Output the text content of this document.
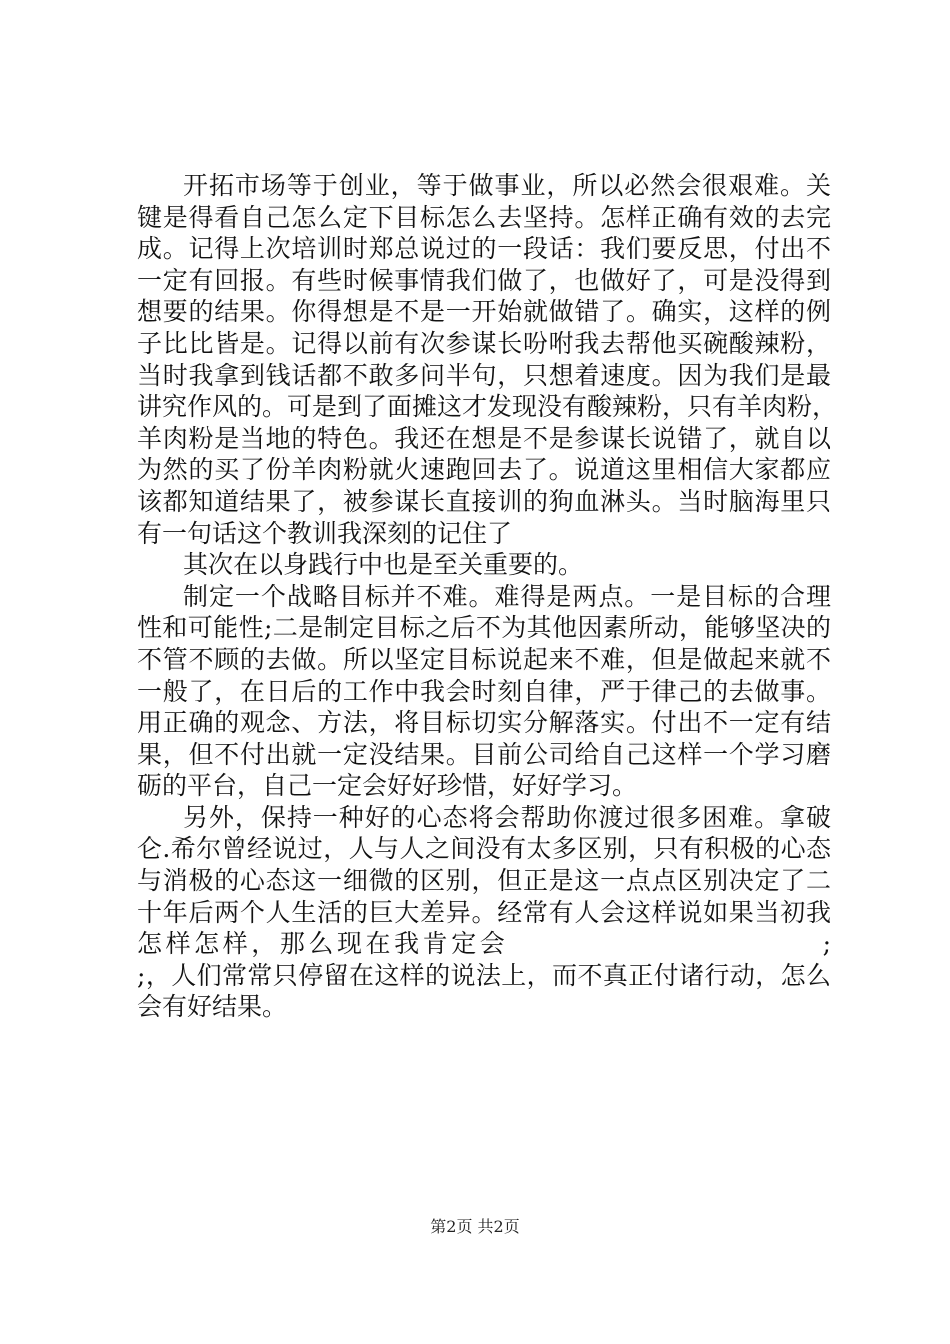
开拓市场等于创业，等于做事业，所以必然会很艰难。关
键是得看自己怎么定下目标怎么去坚持。怎样正确有效的去完
成。记得上次培训时郑总说过的一段话：我们要反思，付出不
一定有回报。有些时候事情我们做了，也做好了，可是没得到
想要的结果。你得想是不是一开始就做错了。确实，这样的例
子比比皆是。记得以前有次参谋长吩咐我去帮他买碗酸辣粉，
当时我拿到钱话都不敢多问半句，只想着速度。因为我们是最
讲究作风的。可是到了面摊这才发现没有酸辣粉，只有羊肉粉，
羊肉粉是当地的特色。我还在想是不是参谋长说错了，就自以
为然的买了份羊肉粉就火速跑回去了。说道这里相信大家都应
该都知道结果了，被参谋长直接训的狗血淋头。当时脑海里只
有一句话这个教训我深刻的记住了
其次在以身践行中也是至关重要的。
制定一个战略目标并不难。难得是两点。一是目标的合理
性和可能性;二是制定目标之后不为其他因素所动，能够坚决的
不管不顾的去做。所以坚定目标说起来不难，但是做起来就不
一般了，在日后的工作中我会时刻自律，严于律己的去做事。
用正确的观念、方法，将目标切实分解落实。付出不一定有结
果，但不付出就一定没结果。目前公司给自己这样一个学习磨
砺的平台，自己一定会好好珍惜，好好学习。
另外，保持一种好的心态将会帮助你渡过很多困难。拿破
仑.希尔曾经说过，人与人之间没有太多区别，只有积极的心态
与消极的心态这一细微的区别，但正是这一点点区别决定了二
十年后两个人生活的巨大差异。经常有人会这样说如果当初我
怎样怎样，那么现在我肯定会　　　　　　　　　　　;
;，人们常常只停留在这样的说法上，而不真正付诸行动，怎么
会有好结果。
第2页 共2页
